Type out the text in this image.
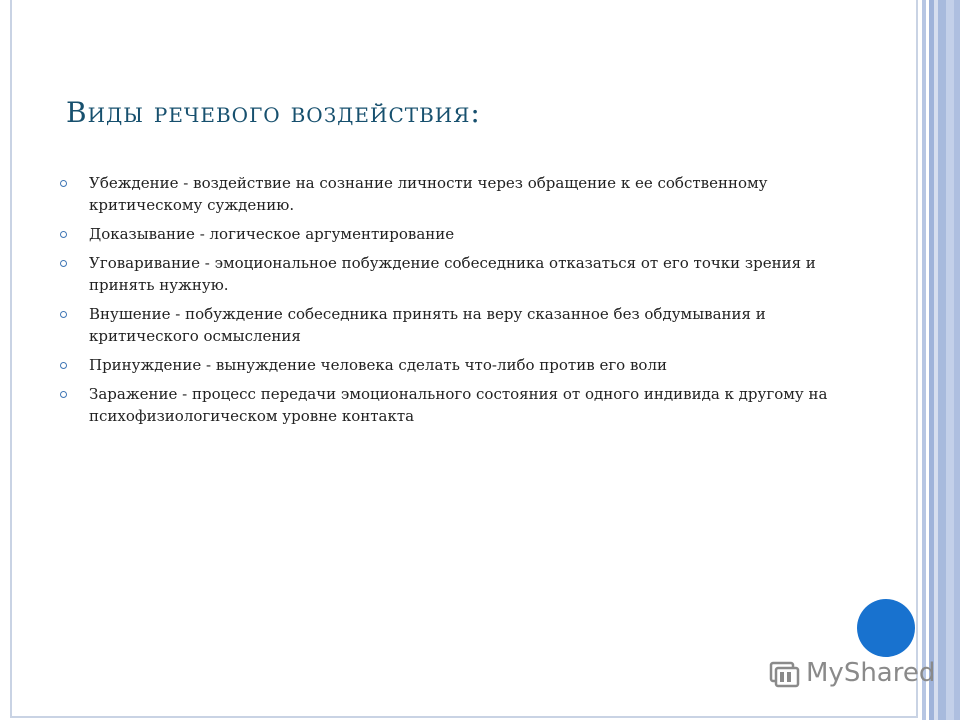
Виды речевого воздействия:
Убеждение - воздействие на сознание личности через обращение к ее собственному критическому суждению.
Доказывание - логическое аргументирование
Уговаривание - эмоциональное побуждение собеседника отказаться от его точки зрения и принять нужную.
Внушение - побуждение собеседника принять на веру сказанное без обдумывания и критического осмысления
Принуждение - вынуждение человека сделать что-либо против его воли
Заражение - процесс передачи эмоционального состояния от одного индивида к другому на психофизиологическом уровне контакта
MyShared
